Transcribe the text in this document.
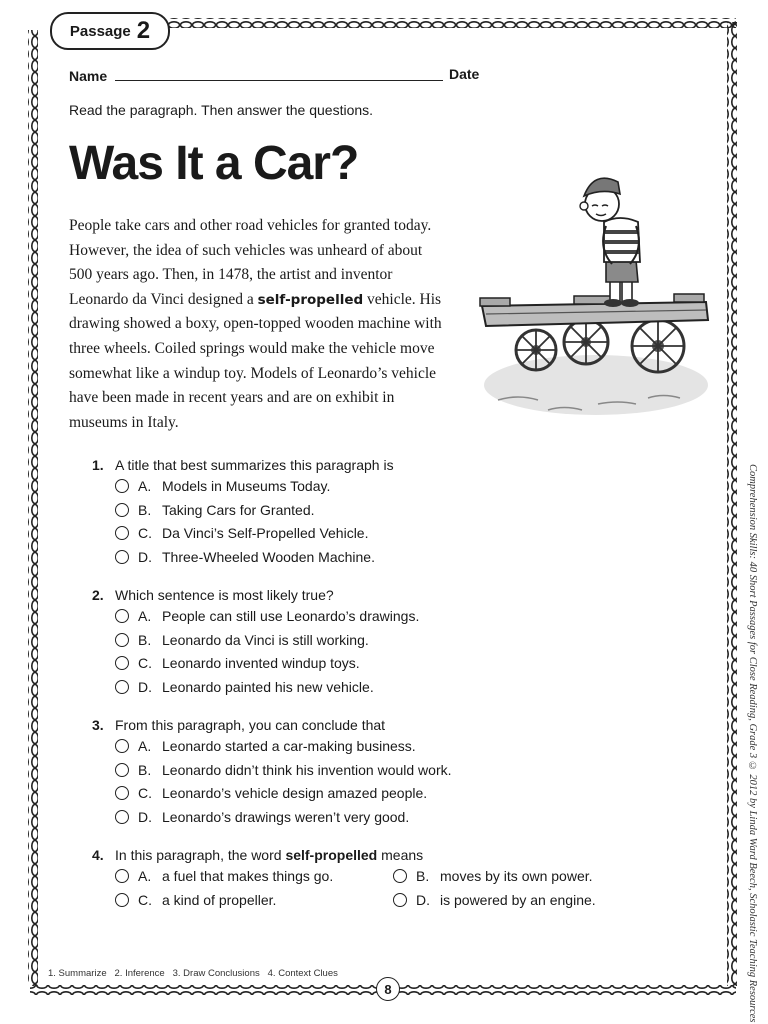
Passage 2
Name	Date
Read the paragraph. Then answer the questions.
Was It a Car?
People take cars and other road vehicles for granted today. However, the idea of such vehicles was unheard of about 500 years ago. Then, in 1478, the artist and inventor Leonardo da Vinci designed a self-propelled vehicle. His drawing showed a boxy, open-topped wooden machine with three wheels. Coiled springs would make the vehicle move somewhat like a windup toy. Models of Leonardo’s vehicle have been made in recent years and are on exhibit in museums in Italy.
1. A title that best summarizes this paragraph is
A. Models in Museums Today.
B. Taking Cars for Granted.
C. Da Vinci’s Self-Propelled Vehicle.
D. Three-Wheeled Wooden Machine.
2. Which sentence is most likely true?
A. People can still use Leonardo’s drawings.
B. Leonardo da Vinci is still working.
C. Leonardo invented windup toys.
D. Leonardo painted his new vehicle.
3. From this paragraph, you can conclude that
A. Leonardo started a car-making business.
B. Leonardo didn’t think his invention would work.
C. Leonardo’s vehicle design amazed people.
D. Leonardo’s drawings weren’t very good.
4. In this paragraph, the word self-propelled means
A. a fuel that makes things go.	B. moves by its own power.
C. a kind of propeller.	D. is powered by an engine.	Comprehension Skills: 40 Short Passages for Close Reading, Grade 3 © 2012 by Linda Ward Beech, Scholastic Teaching Resources
1. Summarize   2. Inference   3. Draw Conclusions   4. Context Clues
8
